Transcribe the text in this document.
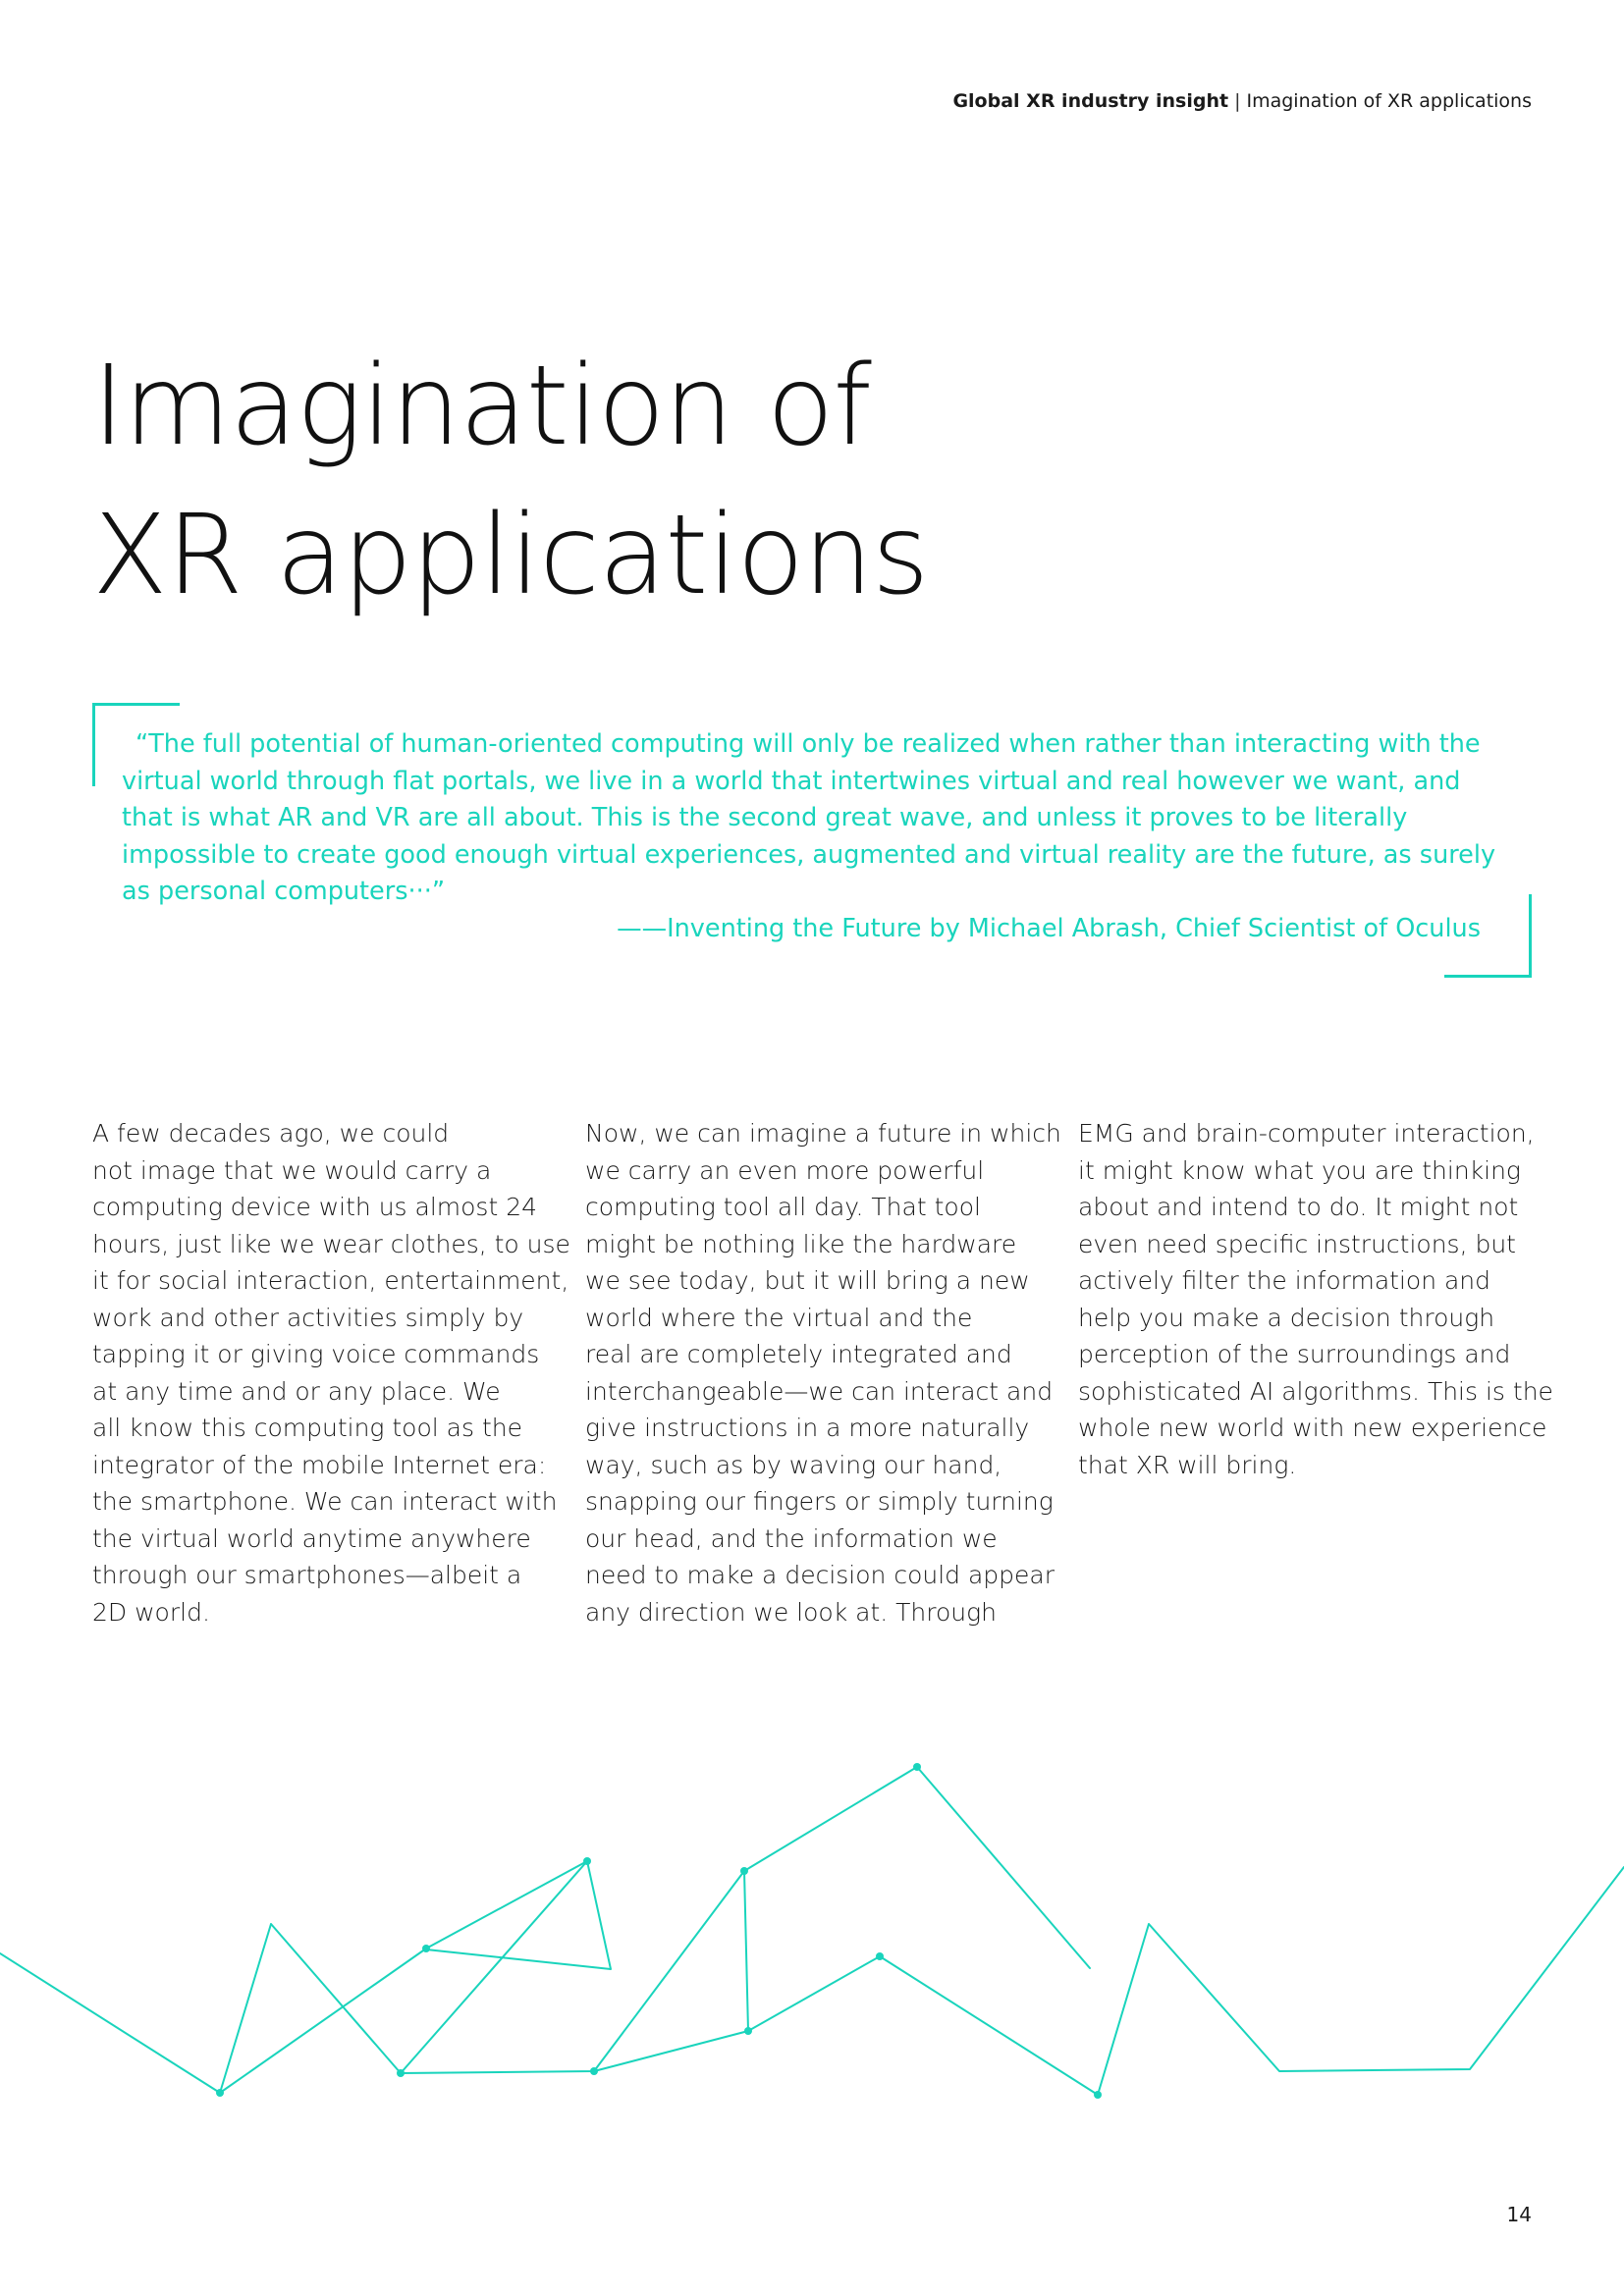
Global XR industry insight | Imagination of XR applications
Imagination of
XR applications

“The full potential of human-oriented computing will only be realized when rather than interacting with the virtual world through flat portals, we live in a world that intertwines virtual and real however we want, and that is what AR and VR are all about. This is the second great wave, and unless it proves to be literally impossible to create good enough virtual experiences, augmented and virtual reality are the future, as surely as personal computers···”

——Inventing the Future by Michael Abrash, Chief Scientist of Oculus

A few decades ago, we could
not image that we would carry a
computing device with us almost 24
hours, just like we wear clothes, to use
it for social interaction, entertainment,
work and other activities simply by
tapping it or giving voice commands
at any time and or any place. We
all know this computing tool as the
integrator of the mobile Internet era:
the smartphone. We can interact with
the virtual world anytime anywhere
through our smartphones—albeit a
2D world.

Now, we can imagine a future in which
we carry an even more powerful
computing tool all day. That tool
might be nothing like the hardware
we see today, but it will bring a new
world where the virtual and the
real are completely integrated and
interchangeable—we can interact and
give instructions in a more naturally
way, such as by waving our hand,
snapping our fingers or simply turning
our head, and the information we
need to make a decision could appear
any direction we look at. Through

EMG and brain-computer interaction,
it might know what you are thinking
about and intend to do. It might not
even need specific instructions, but
actively filter the information and
help you make a decision through
perception of the surroundings and
sophisticated AI algorithms. This is the
whole new world with new experience
that XR will bring.

14
